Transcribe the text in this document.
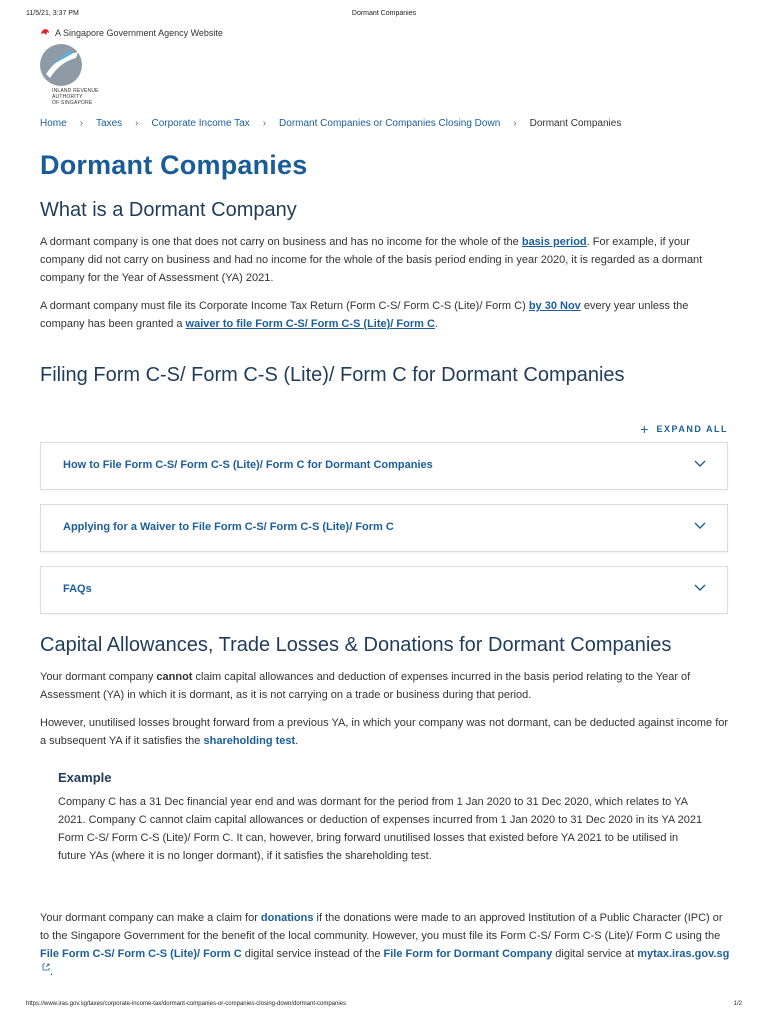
11/5/21, 3:37 PM	Dormant Companies
A Singapore Government Agency Website
INLAND REVENUE
AUTHORITY
OF SINGAPORE
Home › Taxes › Corporate Income Tax › Dormant Companies or Companies Closing Down › Dormant Companies
Dormant Companies
What is a Dormant Company

A dormant company is one that does not carry on business and has no income for the whole of the basis period. For example, if your company did not carry on business and had no income for the whole of the basis period ending in year 2020, it is regarded as a dormant company for the Year of Assessment (YA) 2021.

A dormant company must file its Corporate Income Tax Return (Form C-S/ Form C-S (Lite)/ Form C) by 30 Nov every year unless the company has been granted a waiver to file Form C-S/ Form C-S (Lite)/ Form C.

Filing Form C-S/ Form C-S (Lite)/ Form C for Dormant Companies
+ EXPAND ALL
How to File Form C-S/ Form C-S (Lite)/ Form C for Dormant Companies
Applying for a Waiver to File Form C-S/ Form C-S (Lite)/ Form C
FAQs
Capital Allowances, Trade Losses & Donations for Dormant Companies

Your dormant company cannot claim capital allowances and deduction of expenses incurred in the basis period relating to the Year of Assessment (YA) in which it is dormant, as it is not carrying on a trade or business during that period.

However, unutilised losses brought forward from a previous YA, in which your company was not dormant, can be deducted against income for a subsequent YA if it satisfies the shareholding test.

Example

Company C has a 31 Dec financial year end and was dormant for the period from 1 Jan 2020 to 31 Dec 2020, which relates to YA 2021. Company C cannot claim capital allowances or deduction of expenses incurred from 1 Jan 2020 to 31 Dec 2020 in its YA 2021 Form C-S/ Form C-S (Lite)/ Form C. It can, however, bring forward unutilised losses that existed before YA 2021 to be utilised in future YAs (where it is no longer dormant), if it satisfies the shareholding test.

Your dormant company can make a claim for donations if the donations were made to an approved Institution of a Public Character (IPC) or to the Singapore Government for the benefit of the local community. However, you must file its Form C-S/ Form C-S (Lite)/ Form C using the File Form C-S/ Form C-S (Lite)/ Form C digital service instead of the File Form for Dormant Company digital service at mytax.iras.gov.sg.

https://www.iras.gov.sg/taxes/corporate-income-tax/dormant-companies-or-companies-closing-down/dormant-companies	1/2
